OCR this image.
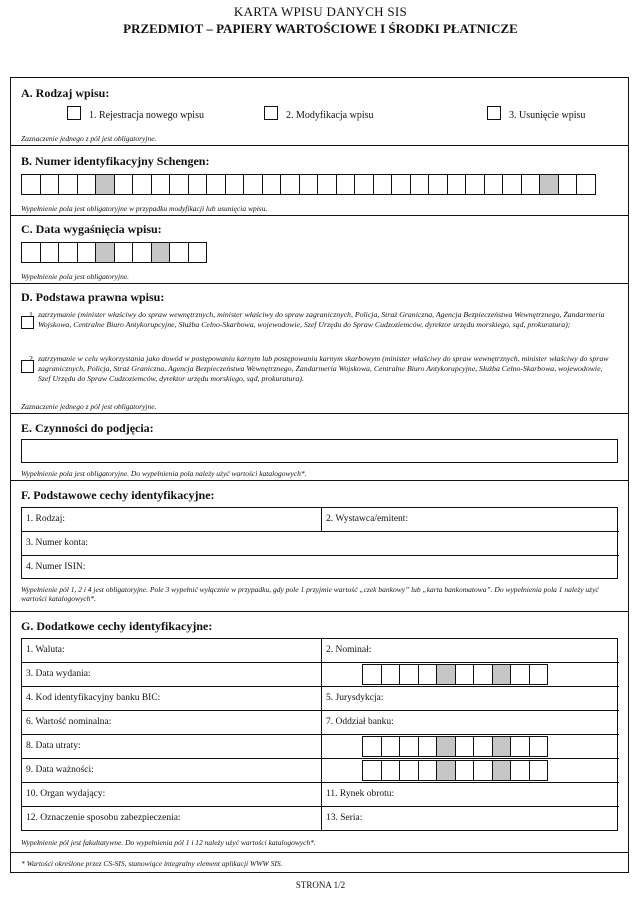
KARTA WPISU DANYCH SIS
PRZEDMIOT – PAPIERY WARTOŚCIOWE I ŚRODKI PŁATNICZE
A. Rodzaj wpisu:
1. Rejestracja nowego wpisu	2. Modyfikacja wpisu	3. Usunięcie wpisu
Zaznaczenie jednego z pól jest obligatoryjne.
B. Numer identyfikacyjny Schengen:
Wypełnienie pola jest obligatoryjne w przypadku modyfikacji lub usunięcia wpisu.
C. Data wygaśnięcia wpisu:
Wypełnienie pola jest obligatoryjne.
D. Podstawa prawna wpisu:
1. zatrzymanie (minister właściwy do spraw wewnętrznych, minister właściwy do spraw zagranicznych, Policja, Straż Graniczna, Agencja Bezpieczeństwa Wewnętrznego, Żandarmeria Wojskowa, Centralne Biuro Antykorupcyjne, Służba Celno-Skarbowa, wojewodowie, Szef Urzędu do Spraw Cudzoziemców, dyrektor urzędu morskiego, sąd, prokuratura);
2. zatrzymanie w celu wykorzystania jako dowód w postępowaniu karnym lub postępowaniu karnym skarbowym (minister właściwy do spraw wewnętrznych, minister właściwy do spraw zagranicznych, Policja, Straż Graniczna, Agencja Bezpieczeństwa Wewnętrznego, Żandarmeria Wojskowa, Centralne Biuro Antykorupcyjne, Służba Celno-Skarbowa, wojewodowie, Szef Urzędu do Spraw Cudzoziemców, dyrektor urzędu morskiego, sąd, prokuratura).
Zaznaczenie jednego z pól jest obligatoryjne.
E. Czynności do podjęcia:
Wypełnienie pola jest obligatoryjne. Do wypełnienia pola należy użyć wartości katalogowych*.
F. Podstawowe cechy identyfikacyjne:
1. Rodzaj:	2. Wystawca/emitent:
3. Numer konta:
4. Numer ISIN:
Wypełnienie pól 1, 2 i 4 jest obligatoryjne. Pole 3 wypełnić wyłącznie w przypadku, gdy pole 1 przyjmie wartość „czek bankowy” lub „karta bankomatowa”. Do wypełnienia pola 1 należy użyć wartości katalogowych*.
G. Dodatkowe cechy identyfikacyjne:
1. Waluta:	2. Nominał:
3. Data wydania:
4. Kod identyfikacyjny banku BIC:	5. Jurysdykcja:
6. Wartość nominalna:	7. Oddział banku:
8. Data utraty:
9. Data ważności:
10. Organ wydający:	11. Rynek obrotu:
12. Oznaczenie sposobu zabezpieczenia:	13. Seria:
Wypełnienie pól jest fakultatywne. Do wypełnienia pól 1 i 12 należy użyć wartości katalogowych*.
* Wartości określone przez CS-SIS, stanowiące integralny element aplikacji WWW SIS.
STRONA 1/2
